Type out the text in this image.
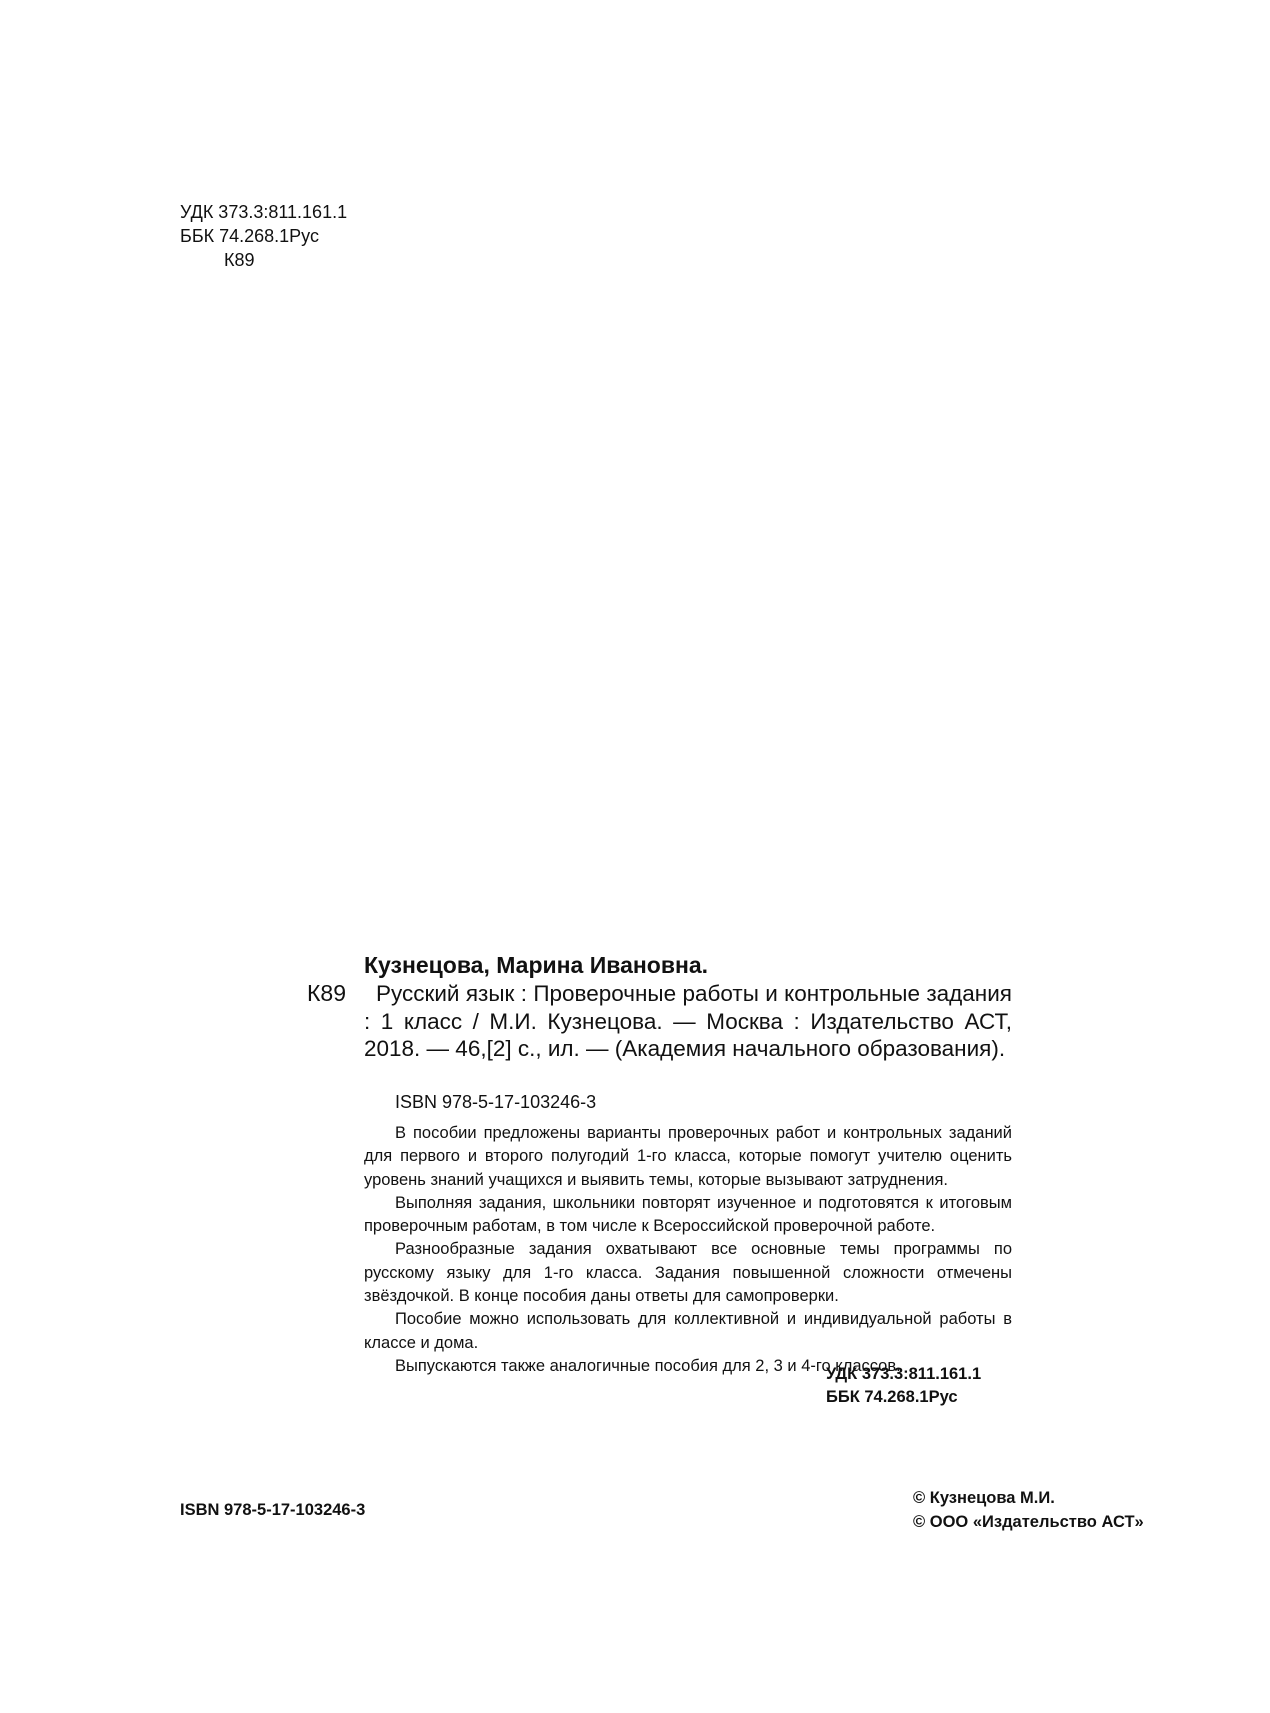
УДК 373.3:811.161.1
ББК 74.268.1Рус
К89
Кузнецова, Марина Ивановна.
К89	Русский язык : Проверочные работы и контрольные задания : 1 класс / М.И. Кузнецова. — Москва : Издательство АСТ, 2018. — 46,[2] с., ил. — (Академия начального образования).

ISBN 978-5-17-103246-3

В пособии предложены варианты проверочных работ и контрольных заданий для первого и второго полугодий 1-го класса, которые помогут учителю оценить уровень знаний учащихся и выявить темы, которые вызывают затруднения.

Выполняя задания, школьники повторят изученное и подготовятся к итоговым проверочным работам, в том числе к Всероссийской проверочной работе.

Разнообразные задания охватывают все основные темы программы по русскому языку для 1-го класса. Задания повышенной сложности отмечены звёздочкой. В конце пособия даны ответы для самопроверки.

Пособие можно использовать для коллективной и индивидуальной работы в классе и дома.

Выпускаются также аналогичные пособия для 2, 3 и 4-го классов.

УДК 373.3:811.161.1
ББК 74.268.1Рус
ISBN 978-5-17-103246-3
© Кузнецова М.И.
© ООО «Издательство АСТ»
